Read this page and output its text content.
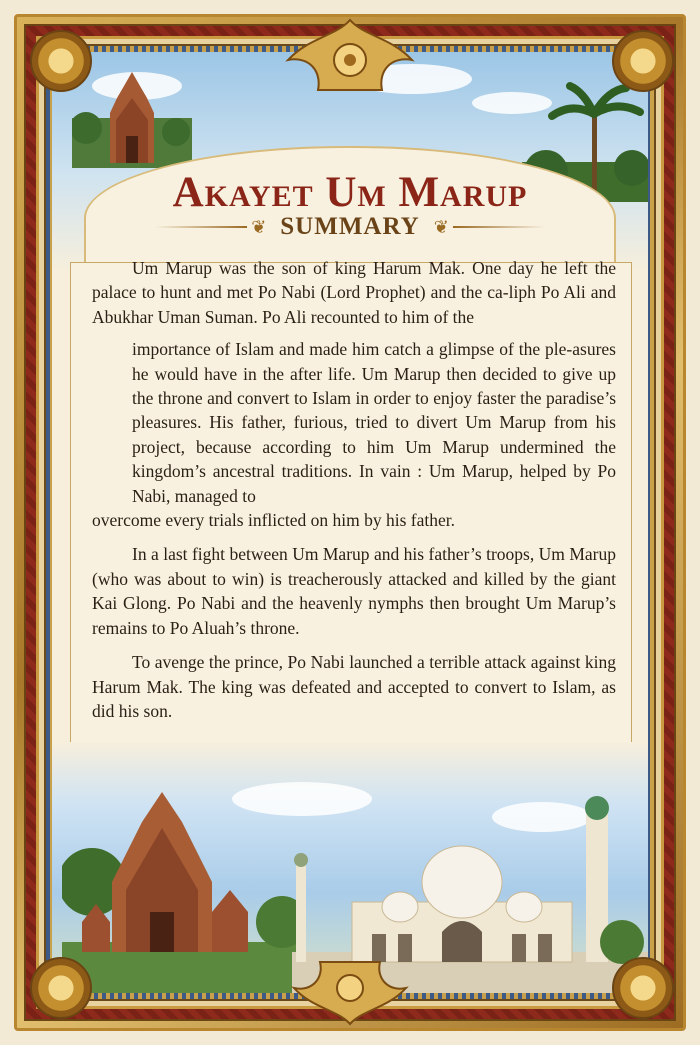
Akayet Um Marup
❦ SUMMARY ❦

Um Marup was the son of king Harum Mak. One day he left the palace to hunt and met Po Nabi (Lord Prophet) and the ca-liph Po Ali and Abukhar Uman Suman. Po Ali recounted to him of the

importance of Islam and made him catch a glimpse of the ple-asures he would have in the after life. Um Marup then decided to give up the throne and convert to Islam in order to enjoy faster the paradise’s pleasures. His father, furious, tried to divert Um Marup from his project, because according to him Um Marup undermined the kingdom’s ancestral traditions. In vain : Um Marup, helped by Po Nabi, managed to

overcome every trials inflicted on him by his father.

In a last fight between Um Marup and his father’s troops, Um Marup (who was about to win) is treacherously attacked and killed by the giant Kai Glong. Po Nabi and the heavenly nymphs then brought Um Marup’s remains to Po Aluah’s throne.

To avenge the prince, Po Nabi launched a terrible attack against king Harum Mak. The king was defeated and accepted to convert to Islam, as did his son.
